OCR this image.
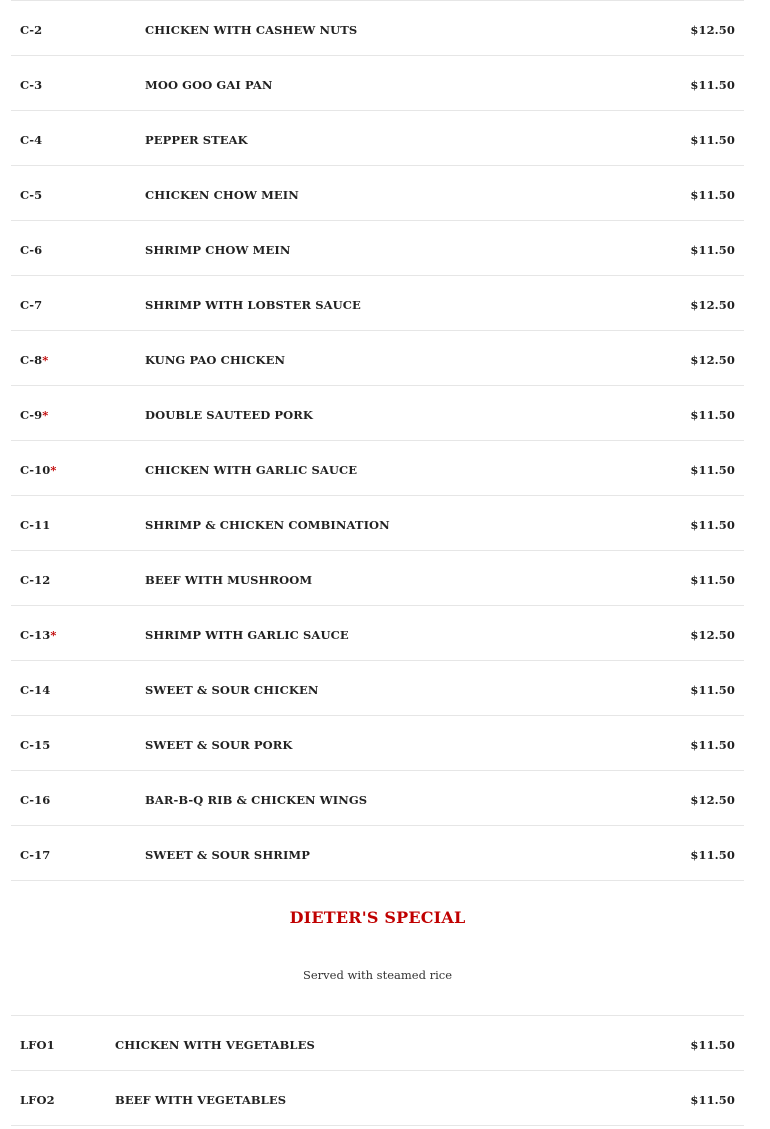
C-2	CHICKEN WITH CASHEW NUTS	$12.50
C-3	MOO GOO GAI PAN	$11.50
C-4	PEPPER STEAK	$11.50
C-5	CHICKEN CHOW MEIN	$11.50
C-6	SHRIMP CHOW MEIN	$11.50
C-7	SHRIMP WITH LOBSTER SAUCE	$12.50
C-8*	KUNG PAO CHICKEN	$12.50
C-9*	DOUBLE SAUTEED PORK	$11.50
C-10*	CHICKEN WITH GARLIC SAUCE	$11.50
C-11	SHRIMP & CHICKEN COMBINATION	$11.50
C-12	BEEF WITH MUSHROOM	$11.50
C-13*	SHRIMP WITH GARLIC SAUCE	$12.50
C-14	SWEET & SOUR CHICKEN	$11.50
C-15	SWEET & SOUR PORK	$11.50
C-16	BAR-B-Q RIB & CHICKEN WINGS	$12.50
C-17	SWEET & SOUR SHRIMP	$11.50
DIETER'S SPECIAL
Served with steamed rice
LFO1	CHICKEN WITH VEGETABLES	$11.50
LFO2	BEEF WITH VEGETABLES	$11.50
